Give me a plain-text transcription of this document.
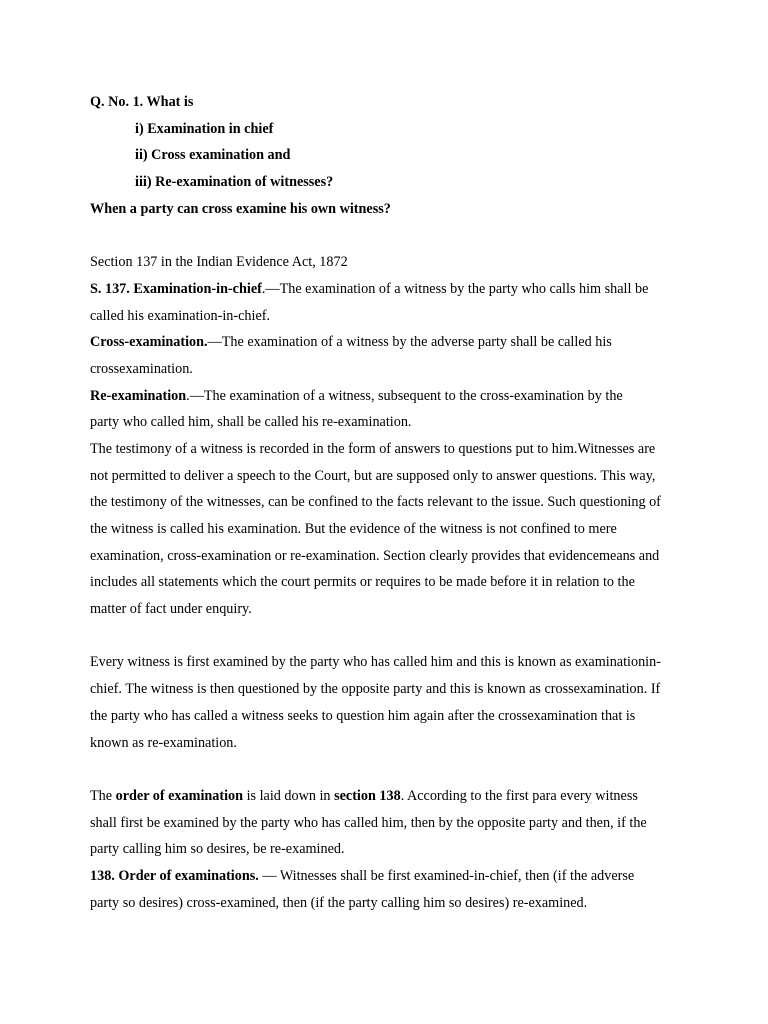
Q. No. 1. What is
i) Examination in chief
ii) Cross examination and
iii) Re-examination of witnesses?
When a party can cross examine his own witness?
Section 137 in the Indian Evidence Act, 1872
S. 137. Examination-in-chief.—The examination of a witness by the party who calls him shall be
called his examination-in-chief.
Cross-examination.—The examination of a witness by the adverse party shall be called his
crossexamination.
Re-examination.—The examination of a witness, subsequent to the cross-examination by the
party who called him, shall be called his re-examination.
The testimony of a witness is recorded in the form of answers to questions put to him.Witnesses are
not permitted to deliver a speech to the Court, but are supposed only to answer questions. This way,
the testimony of the witnesses, can be confined to the facts relevant to the issue. Such questioning of
the witness is called his examination. But the evidence of the witness is not confined to mere
examination, cross-examination or re-examination. Section clearly provides that evidencemeans and
includes all statements which the court permits or requires to be made before it in relation to the
matter of fact under enquiry.
Every witness is first examined by the party who has called him and this is known as examinationin-
chief. The witness is then questioned by the opposite party and this is known as crossexamination. If
the party who has called a witness seeks to question him again after the crossexamination that is
known as re-examination.
The order of examination is laid down in section 138. According to the first para every witness
shall first be examined by the party who has called him, then by the opposite party and then, if the
party calling him so desires, be re-examined.
138. Order of examinations. — Witnesses shall be first examined-in-chief, then (if the adverse
party so desires) cross-examined, then (if the party calling him so desires) re-examined.
